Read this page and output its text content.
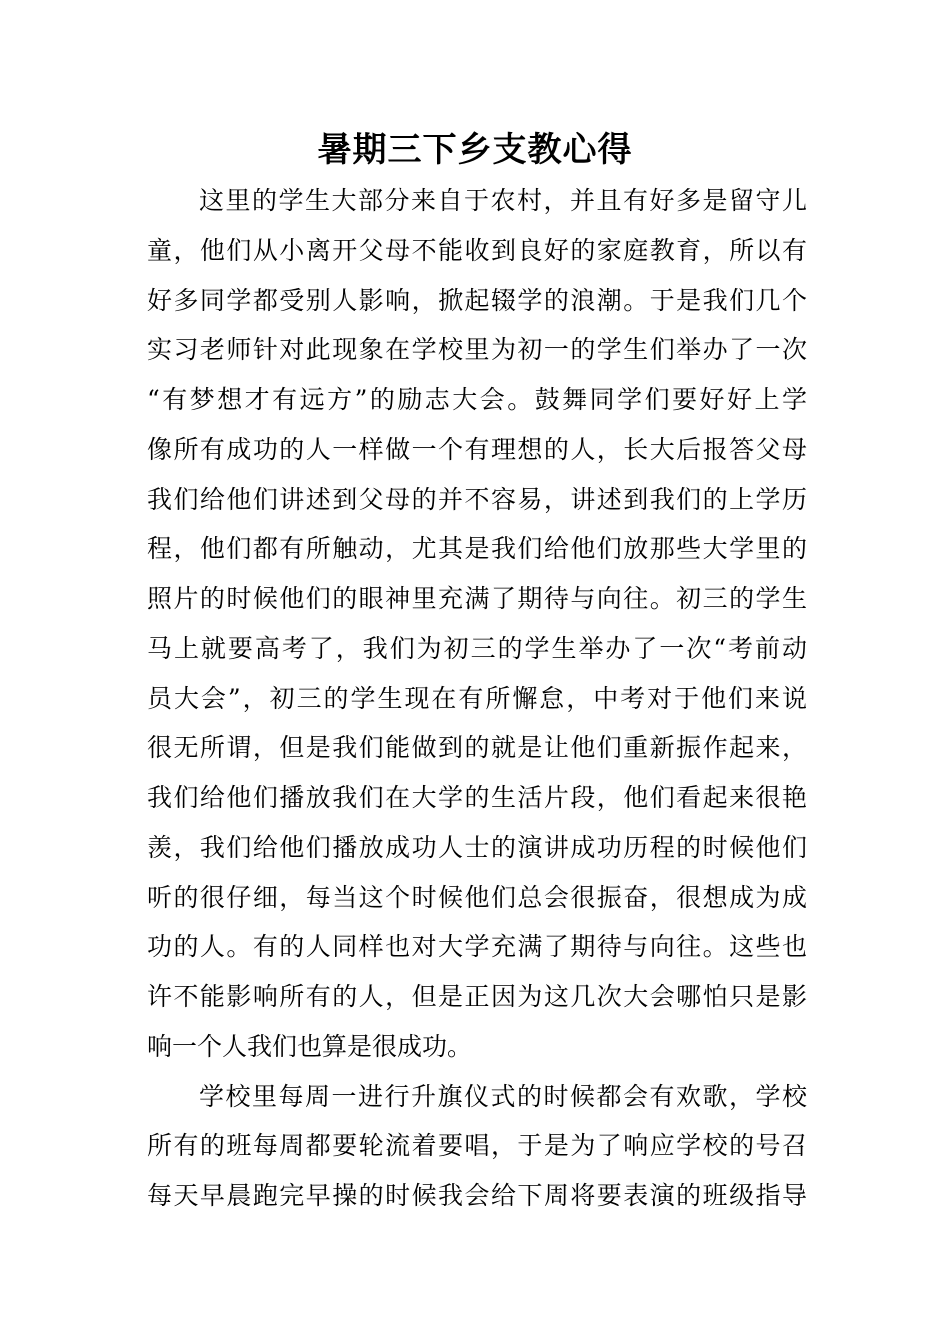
暑期三下乡支教心得
这里的学生大部分来自于农村，并且有好多是留守儿
童，他们从小离开父母不能收到良好的家庭教育，所以有
好多同学都受别人影响，掀起辍学的浪潮。于是我们几个
实习老师针对此现象在学校里为初一的学生们举办了一次
“有梦想才有远方”的励志大会。鼓舞同学们要好好上学
像所有成功的人一样做一个有理想的人，长大后报答父母
我们给他们讲述到父母的并不容易，讲述到我们的上学历
程，他们都有所触动，尤其是我们给他们放那些大学里的
照片的时候他们的眼神里充满了期待与向往。初三的学生
马上就要高考了，我们为初三的学生举办了一次“考前动
员大会”，初三的学生现在有所懈怠，中考对于他们来说
很无所谓，但是我们能做到的就是让他们重新振作起来，
我们给他们播放我们在大学的生活片段，他们看起来很艳
羡，我们给他们播放成功人士的演讲成功历程的时候他们
听的很仔细，每当这个时候他们总会很振奋，很想成为成
功的人。有的人同样也对大学充满了期待与向往。这些也
许不能影响所有的人，但是正因为这几次大会哪怕只是影
响一个人我们也算是很成功。
学校里每周一进行升旗仪式的时候都会有欢歌，学校
所有的班每周都要轮流着要唱，于是为了响应学校的号召
每天早晨跑完早操的时候我会给下周将要表演的班级指导
